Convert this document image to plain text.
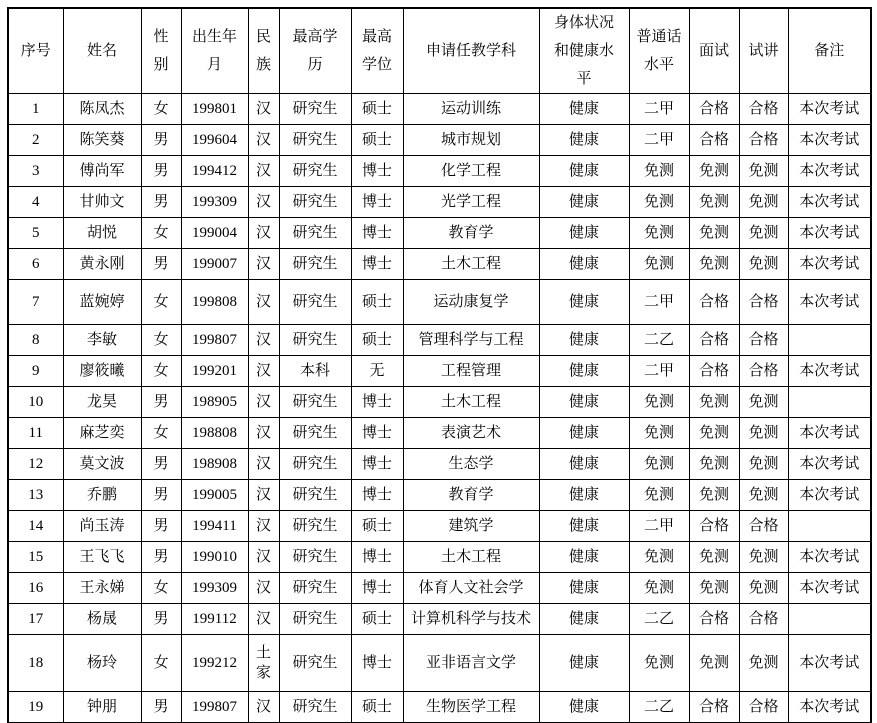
序号	姓名	性别	出生年月	民族	最高学历	最高学位	申请任教学科	身体状况和健康水平	普通话水平	面试	试讲	备注
1	陈凤杰	女	199801	汉	研究生	硕士	运动训练	健康	二甲	合格	合格	本次考试
2	陈笑葵	男	199604	汉	研究生	硕士	城市规划	健康	二甲	合格	合格	本次考试
3	傅尚军	男	199412	汉	研究生	博士	化学工程	健康	免测	免测	免测	本次考试
4	甘帅文	男	199309	汉	研究生	博士	光学工程	健康	免测	免测	免测	本次考试
5	胡悦	女	199004	汉	研究生	博士	教育学	健康	免测	免测	免测	本次考试
6	黄永刚	男	199007	汉	研究生	博士	土木工程	健康	免测	免测	免测	本次考试
7	蓝婉婷	女	199808	汉	研究生	硕士	运动康复学	健康	二甲	合格	合格	本次考试
8	李敏	女	199807	汉	研究生	硕士	管理科学与工程	健康	二乙	合格	合格	
9	廖筱曦	女	199201	汉	本科	无	工程管理	健康	二甲	合格	合格	本次考试
10	龙昊	男	198905	汉	研究生	博士	土木工程	健康	免测	免测	免测	
11	麻芝奕	女	198808	汉	研究生	博士	表演艺术	健康	免测	免测	免测	本次考试
12	莫文波	男	198908	汉	研究生	博士	生态学	健康	免测	免测	免测	本次考试
13	乔鹏	男	199005	汉	研究生	博士	教育学	健康	免测	免测	免测	本次考试
14	尚玉涛	男	199411	汉	研究生	硕士	建筑学	健康	二甲	合格	合格	
15	王飞飞	男	199010	汉	研究生	博士	土木工程	健康	免测	免测	免测	本次考试
16	王永娣	女	199309	汉	研究生	博士	体育人文社会学	健康	免测	免测	免测	本次考试
17	杨晟	男	199112	汉	研究生	硕士	计算机科学与技术	健康	二乙	合格	合格	
18	杨玲	女	199212	土家	研究生	博士	亚非语言文学	健康	免测	免测	免测	本次考试
19	钟朋	男	199807	汉	研究生	硕士	生物医学工程	健康	二乙	合格	合格	本次考试
